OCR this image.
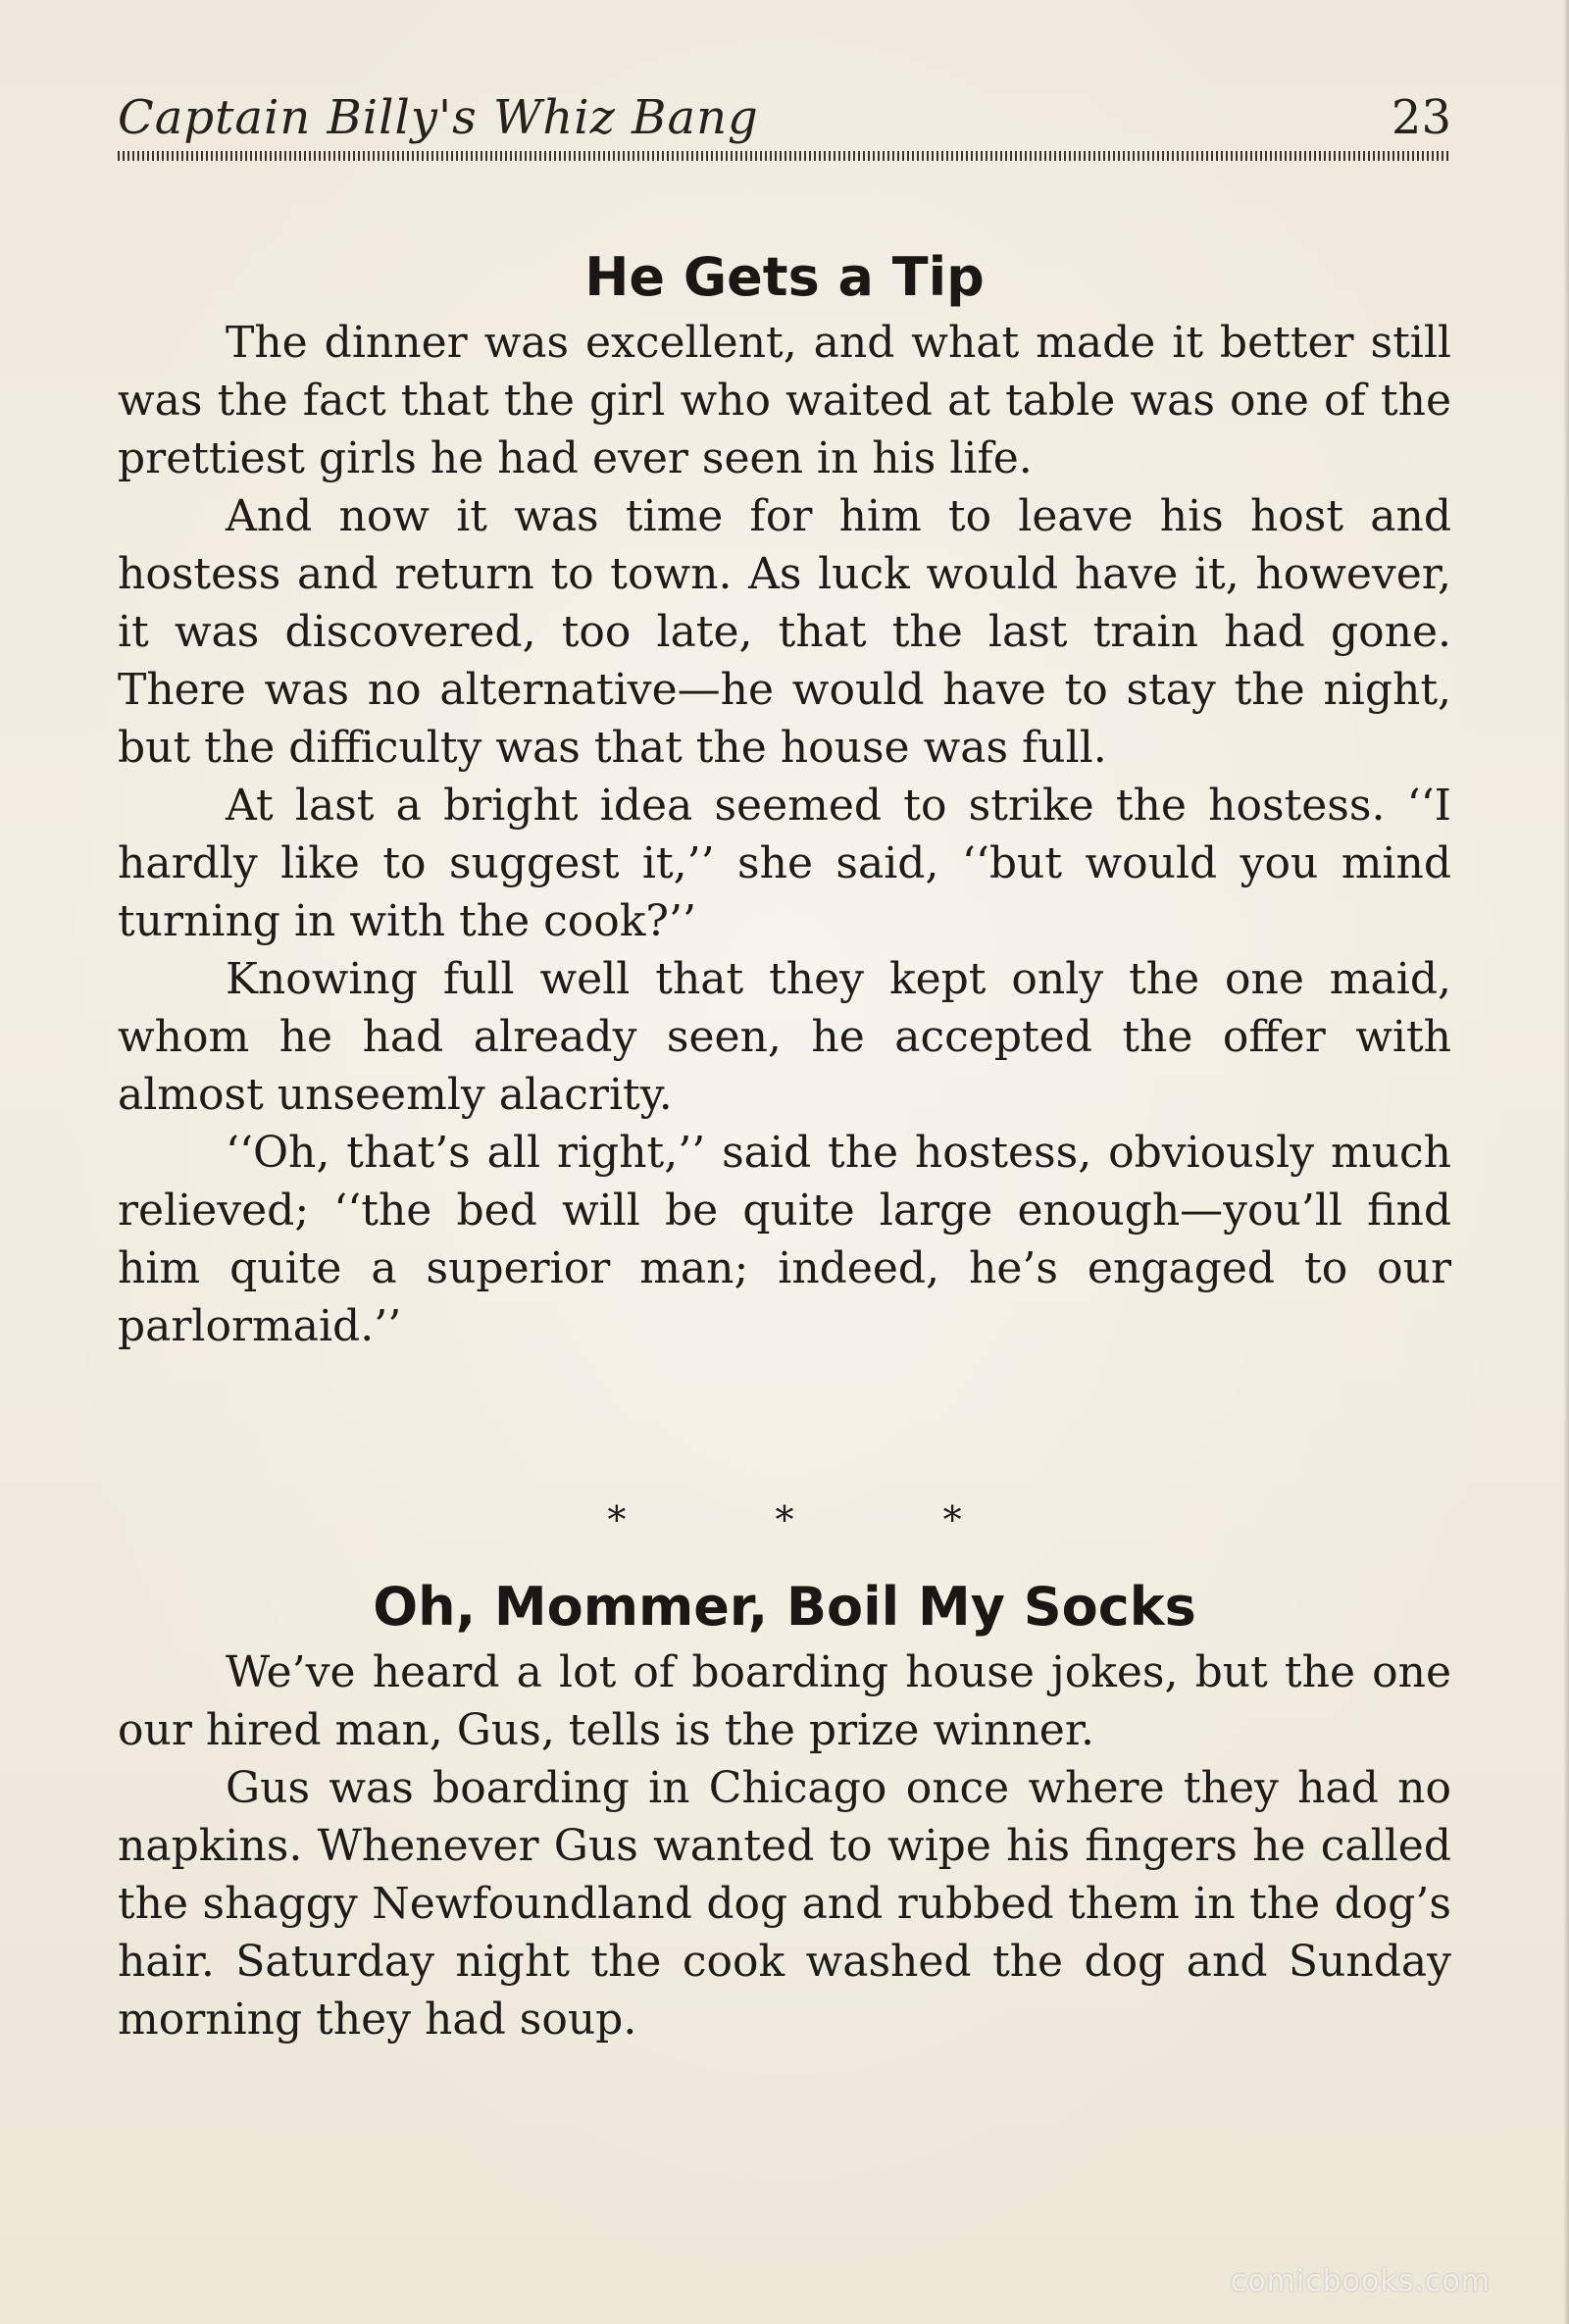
Captain Billy's Whiz Bang	23
He Gets a Tip

The dinner was excellent, and what made it better still was the fact that the girl who waited at table was one of the prettiest girls he had ever seen in his life.

And now it was time for him to leave his host and hostess and return to town. As luck would have it, however, it was discovered, too late, that the last train had gone. There was no alternative—he would have to stay the night, but the difficulty was that the house was full.

At last a bright idea seemed to strike the hostess. ‘‘I hardly like to suggest it,’’ she said, ‘‘but would you mind turning in with the cook?’’

Knowing full well that they kept only the one maid, whom he had already seen, he accepted the offer with almost unseemly alacrity.

‘‘Oh, that’s all right,’’ said the hostess, obviously much relieved; ‘‘the bed will be quite large enough—you’ll find him quite a superior man; indeed, he’s engaged to our parlormaid.’’

* * *
Oh, Mommer, Boil My Socks

We’ve heard a lot of boarding house jokes, but the one our hired man, Gus, tells is the prize winner.

Gus was boarding in Chicago once where they had no napkins. Whenever Gus wanted to wipe his fingers he called the shaggy Newfoundland dog and rubbed them in the dog’s hair. Saturday night the cook washed the dog and Sunday morning they had soup.

comicbooks.com
